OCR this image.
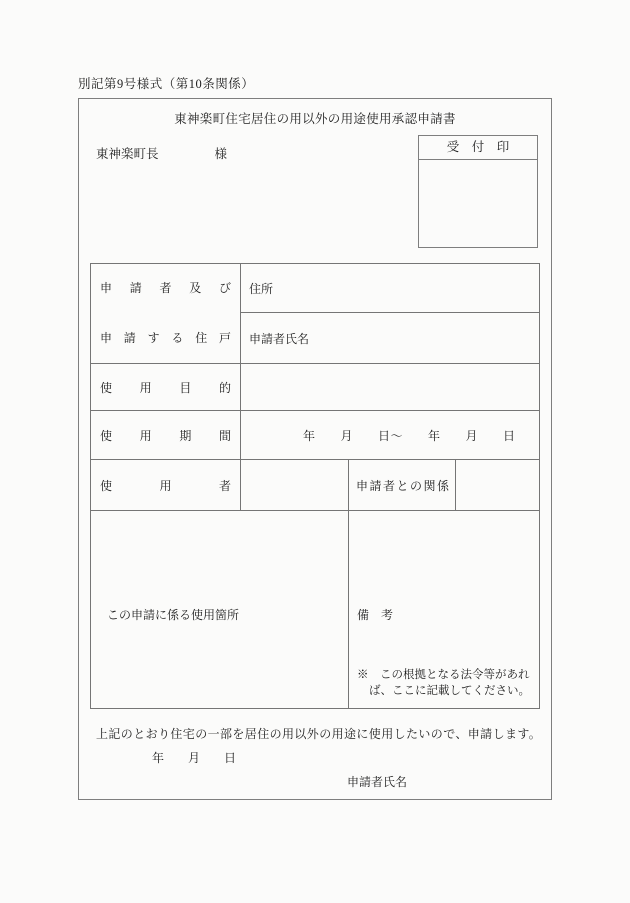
別記第9号様式（第10条関係）
東神楽町住宅居住の用以外の用途使用承認申請書
東神楽町長	様	受　付　印
申請者及び
申請する住戸	住所		
	申請者氏名		

使用目的			

使用期間	年　　月　　日～　　年　　月　　日		

使用者		申請者との関係	

この申請に係る使用箇所		備　考
※　この根拠となる法令等があれ
ば、ここに記載してください。	
上記のとおり住宅の一部を居住の用以外の用途に使用したいので、申請します。
年　　月　　日
申請者氏名
